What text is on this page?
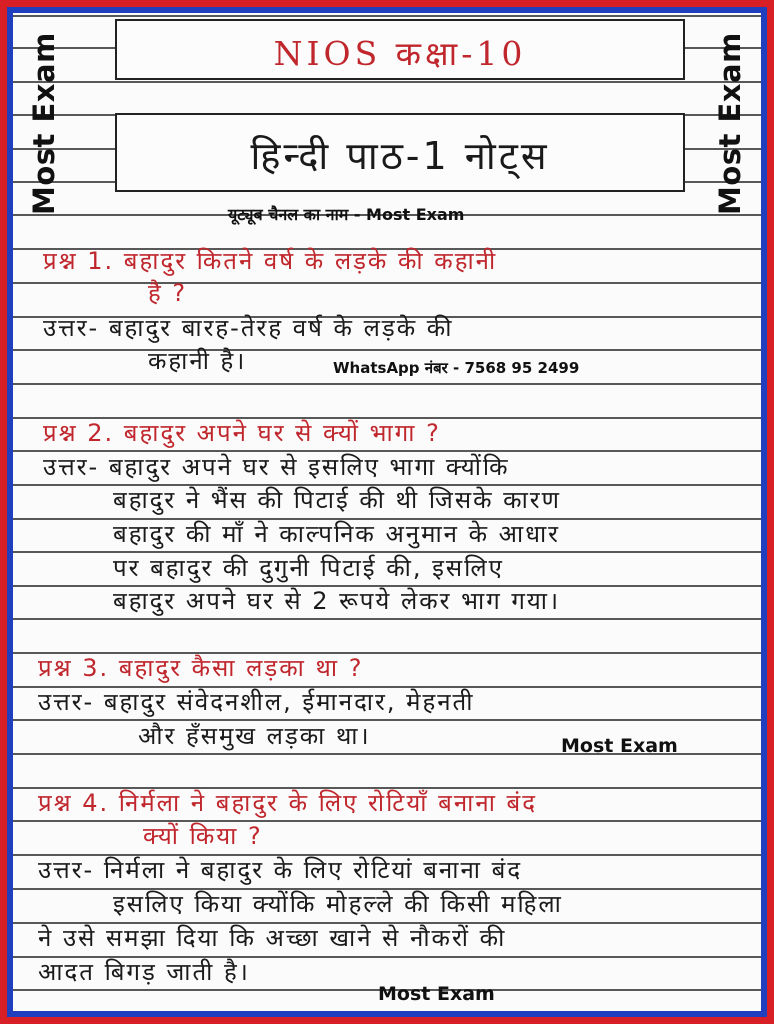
NIOS कक्षा-10
हिन्दी पाठ-1 नोट्स
Most Exam	Most Exam
यूट्यूब चैनल का नाम - Most Exam
प्रश्न 1. बहादुर कितने वर्ष के लड़के की कहानी
है ?
उत्तर- बहादुर बारह-तेरह वर्ष के लड़के की
कहानी है।	WhatsApp नंबर - 7568 95 2499
प्रश्न 2. बहादुर अपने घर से क्यों भागा ?
उत्तर- बहादुर अपने घर से इसलिए भागा क्योंकि
बहादुर ने भैंस की पिटाई की थी जिसके कारण
बहादुर की माँ ने काल्पनिक अनुमान के आधार
पर बहादुर की दुगुनी पिटाई की, इसलिए
बहादुर अपने घर से 2 रूपये लेकर भाग गया।
प्रश्न 3. बहादुर कैसा लड़का था ?
उत्तर- बहादुर संवेदनशील, ईमानदार, मेहनती
और हँसमुख लड़का था।	Most Exam
प्रश्न 4. निर्मला ने बहादुर के लिए रोटियाँ बनाना बंद
क्यों किया ?
उत्तर- निर्मला ने बहादुर के लिए रोटियां बनाना बंद
इसलिए किया क्योंकि मोहल्ले की किसी महिला
ने उसे समझा दिया कि अच्छा खाने से नौकरों की
आदत बिगड़ जाती है।
Most Exam
